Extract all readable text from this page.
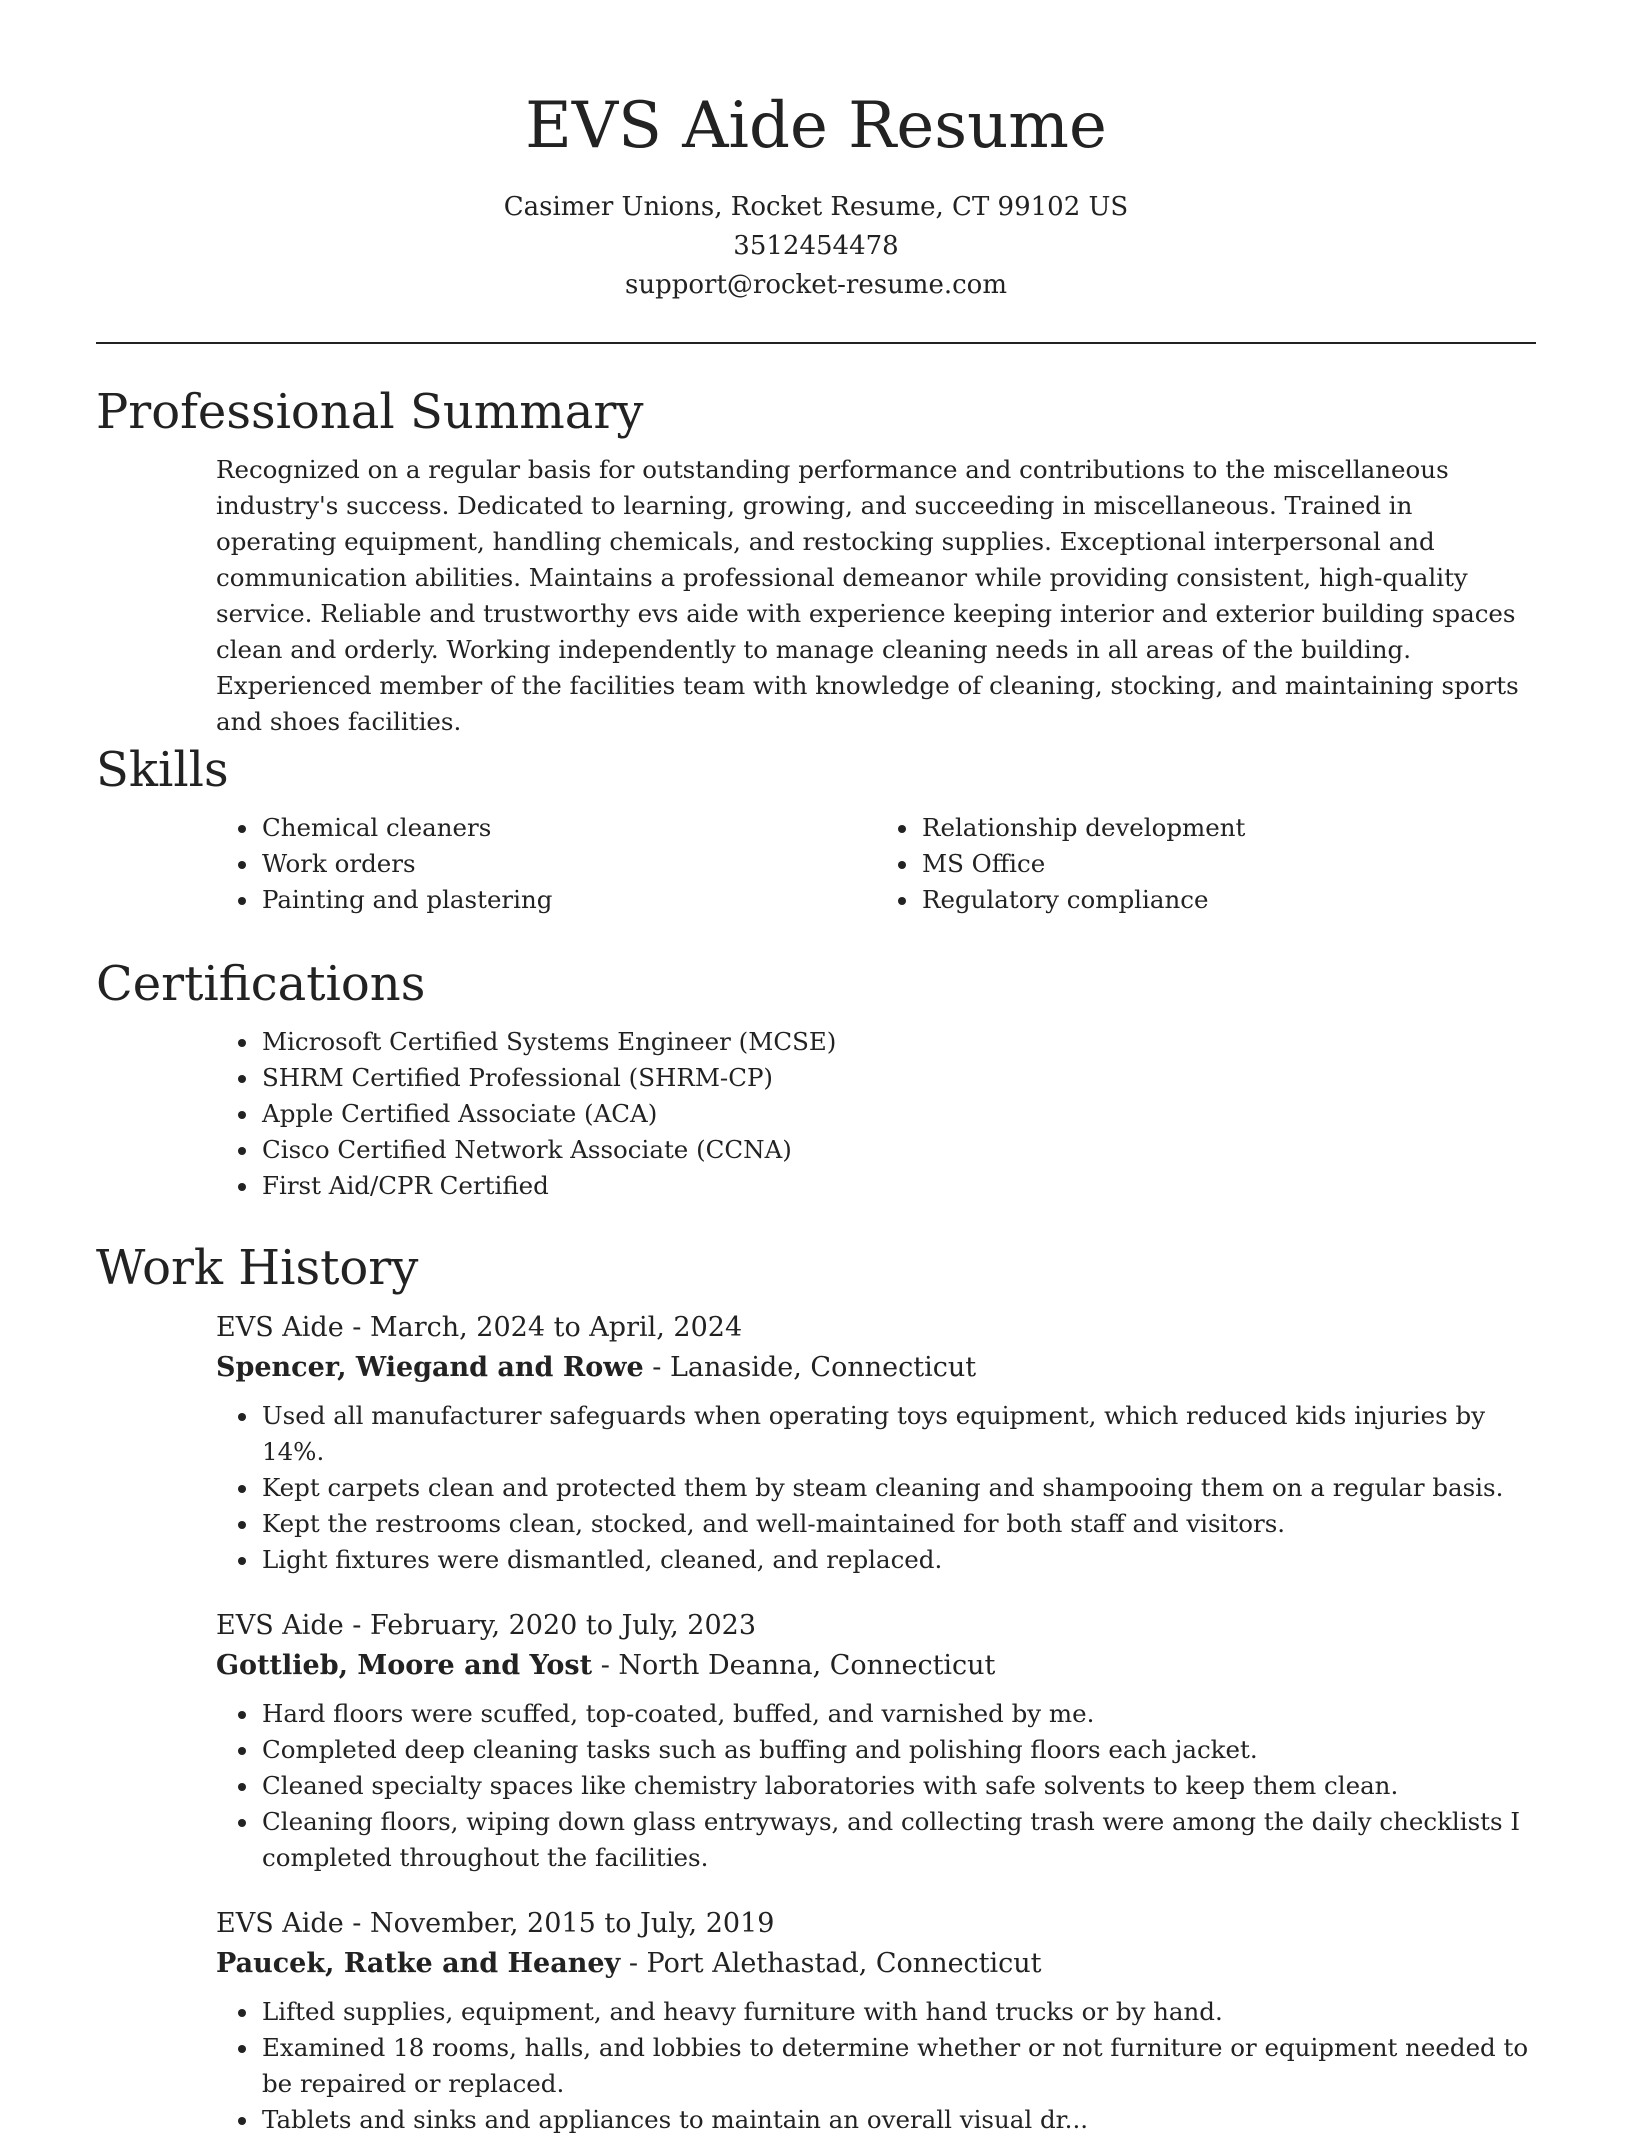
EVS Aide Resume
Casimer Unions, Rocket Resume, CT 99102 US
3512454478
support@rocket-resume.com
Professional Summary
Recognized on a regular basis for outstanding performance and contributions to the miscellaneous industry's success. Dedicated to learning, growing, and succeeding in miscellaneous. Trained in operating equipment, handling chemicals, and restocking supplies. Exceptional interpersonal and communication abilities. Maintains a professional demeanor while providing consistent, high-quality service. Reliable and trustworthy evs aide with experience keeping interior and exterior building spaces clean and orderly. Working independently to manage cleaning needs in all areas of the building. Experienced member of the facilities team with knowledge of cleaning, stocking, and maintaining sports and shoes facilities.
Skills
• Chemical cleaners
• Work orders
• Painting and plastering
• Relationship development
• MS Office
• Regulatory compliance
Certifications
• Microsoft Certified Systems Engineer (MCSE)
• SHRM Certified Professional (SHRM-CP)
• Apple Certified Associate (ACA)
• Cisco Certified Network Associate (CCNA)
• First Aid/CPR Certified
Work History
EVS Aide - March, 2024 to April, 2024
Spencer, Wiegand and Rowe - Lanaside, Connecticut
• Used all manufacturer safeguards when operating toys equipment, which reduced kids injuries by 14%.
• Kept carpets clean and protected them by steam cleaning and shampooing them on a regular basis.
• Kept the restrooms clean, stocked, and well-maintained for both staff and visitors.
• Light fixtures were dismantled, cleaned, and replaced.
EVS Aide - February, 2020 to July, 2023
Gottlieb, Moore and Yost - North Deanna, Connecticut
• Hard floors were scuffed, top-coated, buffed, and varnished by me.
• Completed deep cleaning tasks such as buffing and polishing floors each jacket.
• Cleaned specialty spaces like chemistry laboratories with safe solvents to keep them clean.
• Cleaning floors, wiping down glass entryways, and collecting trash were among the daily checklists I completed throughout the facilities.
EVS Aide - November, 2015 to July, 2019
Paucek, Ratke and Heaney - Port Alethastad, Connecticut
• Lifted supplies, equipment, and heavy furniture with hand trucks or by hand.
• Examined 18 rooms, halls, and lobbies to determine whether or not furniture or equipment needed to be repaired or replaced.
• Tablets and sinks and appliances to maintain an overall visual dr...
